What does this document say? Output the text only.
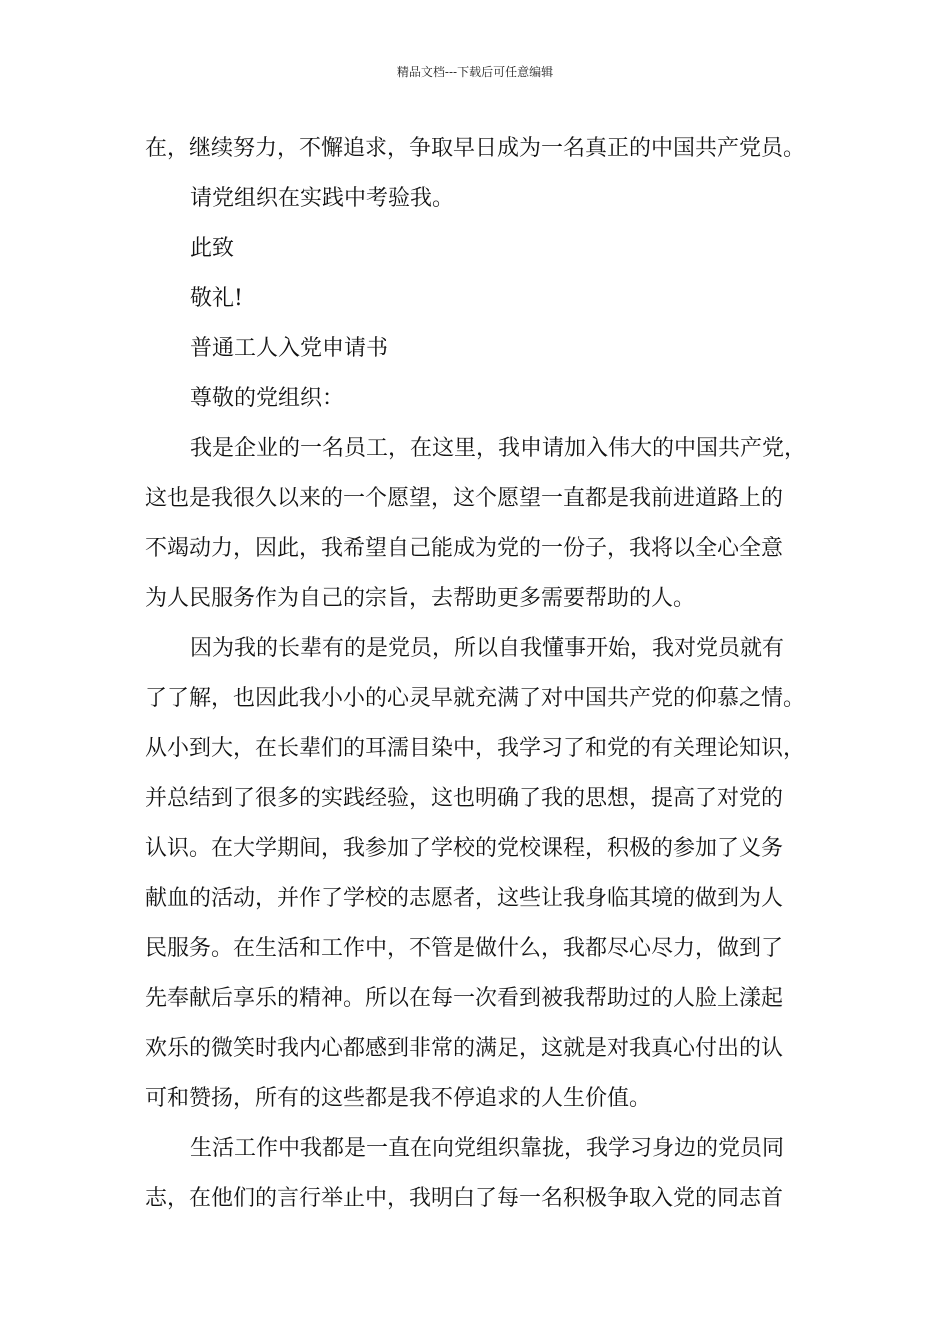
精品文档---下载后可任意编辑
在，继续努力，不懈追求，争取早日成为一名真正的中国共产党员。
请党组织在实践中考验我。
此致
敬礼!
普通工人入党申请书
尊敬的党组织：
我是企业的一名员工，在这里，我申请加入伟大的中国共产党，
这也是我很久以来的一个愿望，这个愿望一直都是我前进道路上的
不竭动力，因此，我希望自己能成为党的一份子，我将以全心全意
为人民服务作为自己的宗旨，去帮助更多需要帮助的人。
因为我的长辈有的是党员，所以自我懂事开始，我对党员就有
了了解，也因此我小小的心灵早就充满了对中国共产党的仰慕之情。
从小到大，在长辈们的耳濡目染中，我学习了和党的有关理论知识，
并总结到了很多的实践经验，这也明确了我的思想，提高了对党的
认识。在大学期间，我参加了学校的党校课程，积极的参加了义务
献血的活动，并作了学校的志愿者，这些让我身临其境的做到为人
民服务。在生活和工作中，不管是做什么，我都尽心尽力，做到了
先奉献后享乐的精神。所以在每一次看到被我帮助过的人脸上漾起
欢乐的微笑时我内心都感到非常的满足，这就是对我真心付出的认
可和赞扬，所有的这些都是我不停追求的人生价值。
生活工作中我都是一直在向党组织靠拢，我学习身边的党员同
志，在他们的言行举止中，我明白了每一名积极争取入党的同志首
